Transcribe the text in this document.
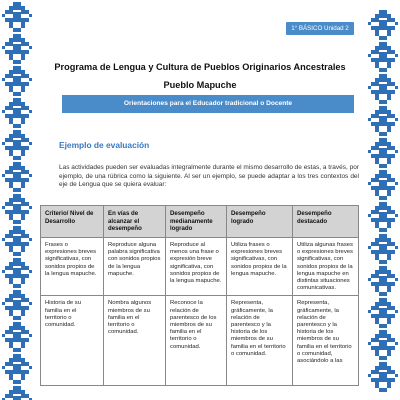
1° BÁSICO Unidad 2
Programa de Lengua y Cultura de Pueblos Originarios Ancestrales
Pueblo Mapuche
Orientaciones para el Educador tradicional o Docente
Ejemplo de evaluación

Las actividades pueden ser evaluadas integralmente durante el mismo desarrollo de estas, a través, por ejemplo, de una rúbrica como la siguiente. Al ser un ejemplo, se puede adaptar a los tres contextos del eje de Lengua que se quiera evaluar:

Criterio/ Nivel de Desarrollo	En vías de alcanzar el desempeño	Desempeño medianamente logrado	Desempeño logrado	Desempeño destacado
Frases o expresiones breves significativas, con sonidos propios de la lengua mapuche.	Reproduce alguna palabra significativa con sonidos propios de la lengua mapuche.	Reproduce al menos una frase o expresión breve significativa, con sonidos propios de la lengua mapuche.	Utiliza frases o expresiones breves significativas, con sonidos propios de la lengua mapuche.	Utiliza algunas frases o expresiones breves significativas, con sonidos propios de la lengua mapuche en distintas situaciones comunicativas.
Historia de su familia en el territorio o comunidad.	Nombra algunos miembros de su familia en el territorio o comunidad.	Reconoce la relación de parentesco de los miembros de su familia en el territorio o comunidad.	Representa, gráficamente, la relación de parentesco y la historia de los miembros de su familia en el territorio o comunidad.	Representa, gráficamente, la relación de parentesco y la historia de los miembros de su familia en el territorio o comunidad, asociándolo a las
